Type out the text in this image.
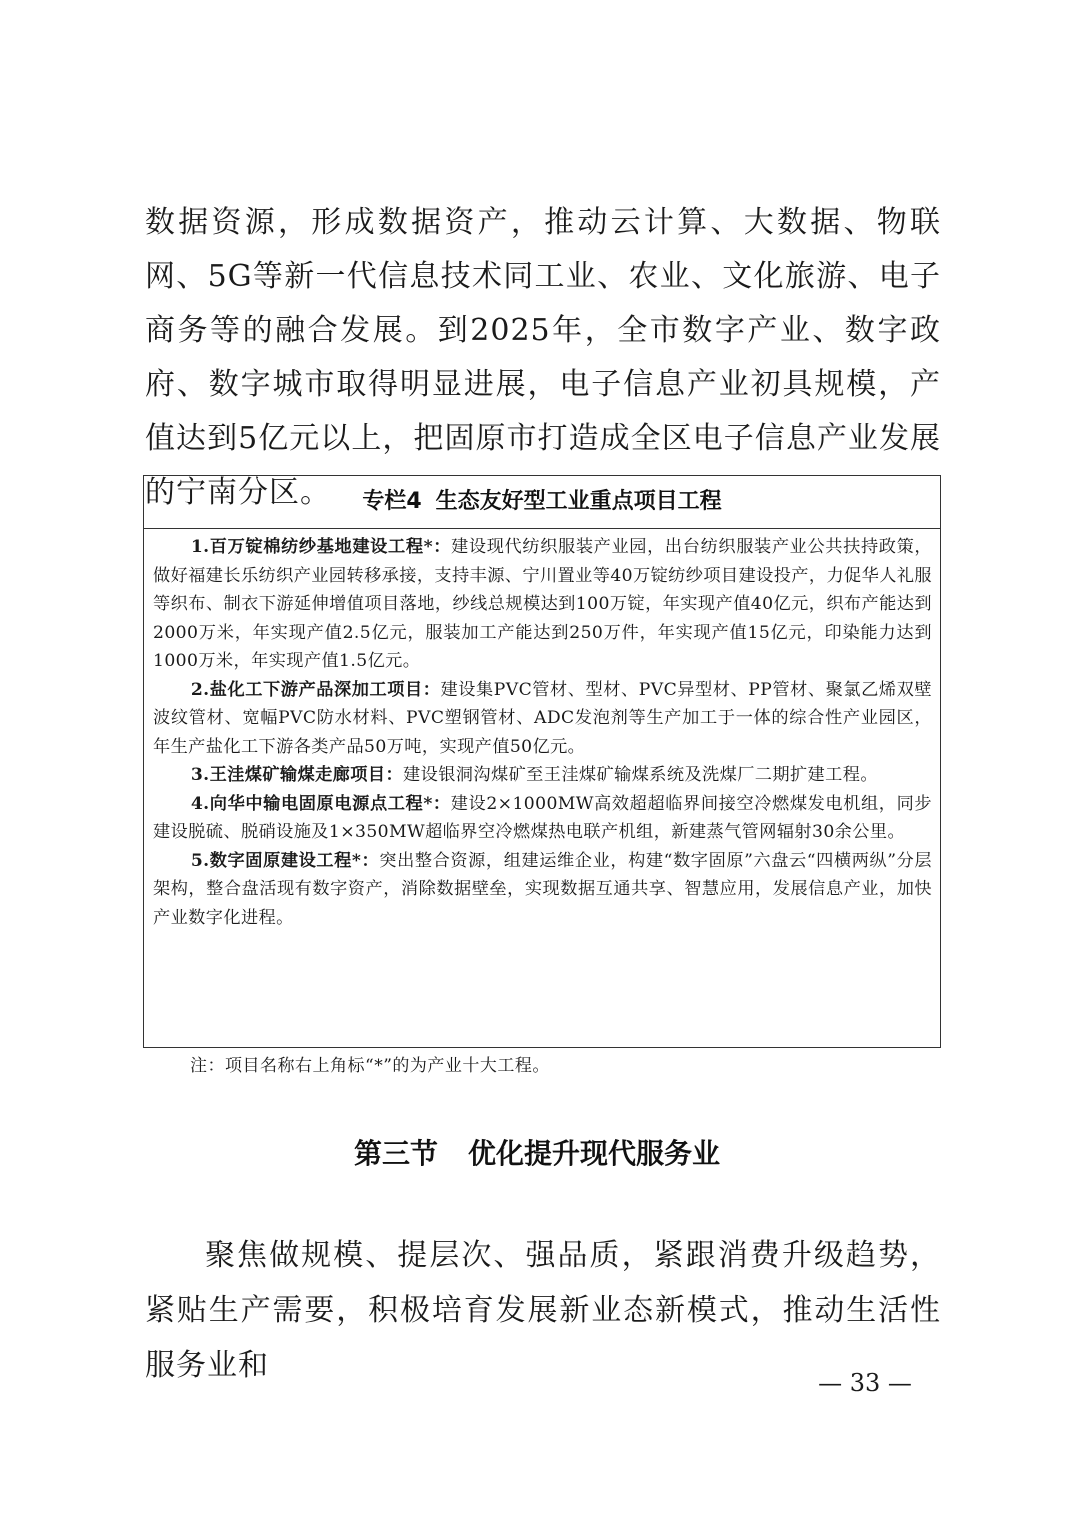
数据资源，形成数据资产，推动云计算、大数据、物联网、5G等新一代信息技术同工业、农业、文化旅游、电子商务等的融合发展。到2025年，全市数字产业、数字政府、数字城市取得明显进展，电子信息产业初具规模，产值达到5亿元以上，把固原市打造成全区电子信息产业发展的宁南分区。	专栏4 生态友好型工业重点项目工程

1.百万锭棉纺纱基地建设工程*：建设现代纺织服装产业园，出台纺织服装产业公共扶持政策，做好福建长乐纺织产业园转移承接，支持丰源、宁川置业等40万锭纺纱项目建设投产，力促华人礼服等织布、制衣下游延伸增值项目落地，纱线总规模达到100万锭，年实现产值40亿元，织布产能达到2000万米，年实现产值2.5亿元，服装加工产能达到250万件，年实现产值15亿元，印染能力达到1000万米，年实现产值1.5亿元。

2.盐化工下游产品深加工项目：建设集PVC管材、型材、PVC异型材、PP管材、聚氯乙烯双壁波纹管材、宽幅PVC防水材料、PVC塑钢管材、ADC发泡剂等生产加工于一体的综合性产业园区，年生产盐化工下游各类产品50万吨，实现产值50亿元。

3.王洼煤矿输煤走廊项目：建设银洞沟煤矿至王洼煤矿输煤系统及洗煤厂二期扩建工程。

4.向华中输电固原电源点工程*：建设2×1000MW高效超超临界间接空冷燃煤发电机组，同步建设脱硫、脱硝设施及1×350MW超临界空冷燃煤热电联产机组，新建蒸气管网辐射30余公里。

5.数字固原建设工程*：突出整合资源，组建运维企业，构建“数字固原”六盘云“四横两纵”分层架构，整合盘活现有数字资产，消除数据壁垒，实现数据互通共享、智慧应用，发展信息产业，加快产业数字化进程。

注：项目名称右上角标“*”的为产业十大工程。

第三节 优化提升现代服务业

聚焦做规模、提层次、强品质，紧跟消费升级趋势，紧贴生产需要，积极培育发展新业态新模式，推动生活性服务业和	— 33 —
